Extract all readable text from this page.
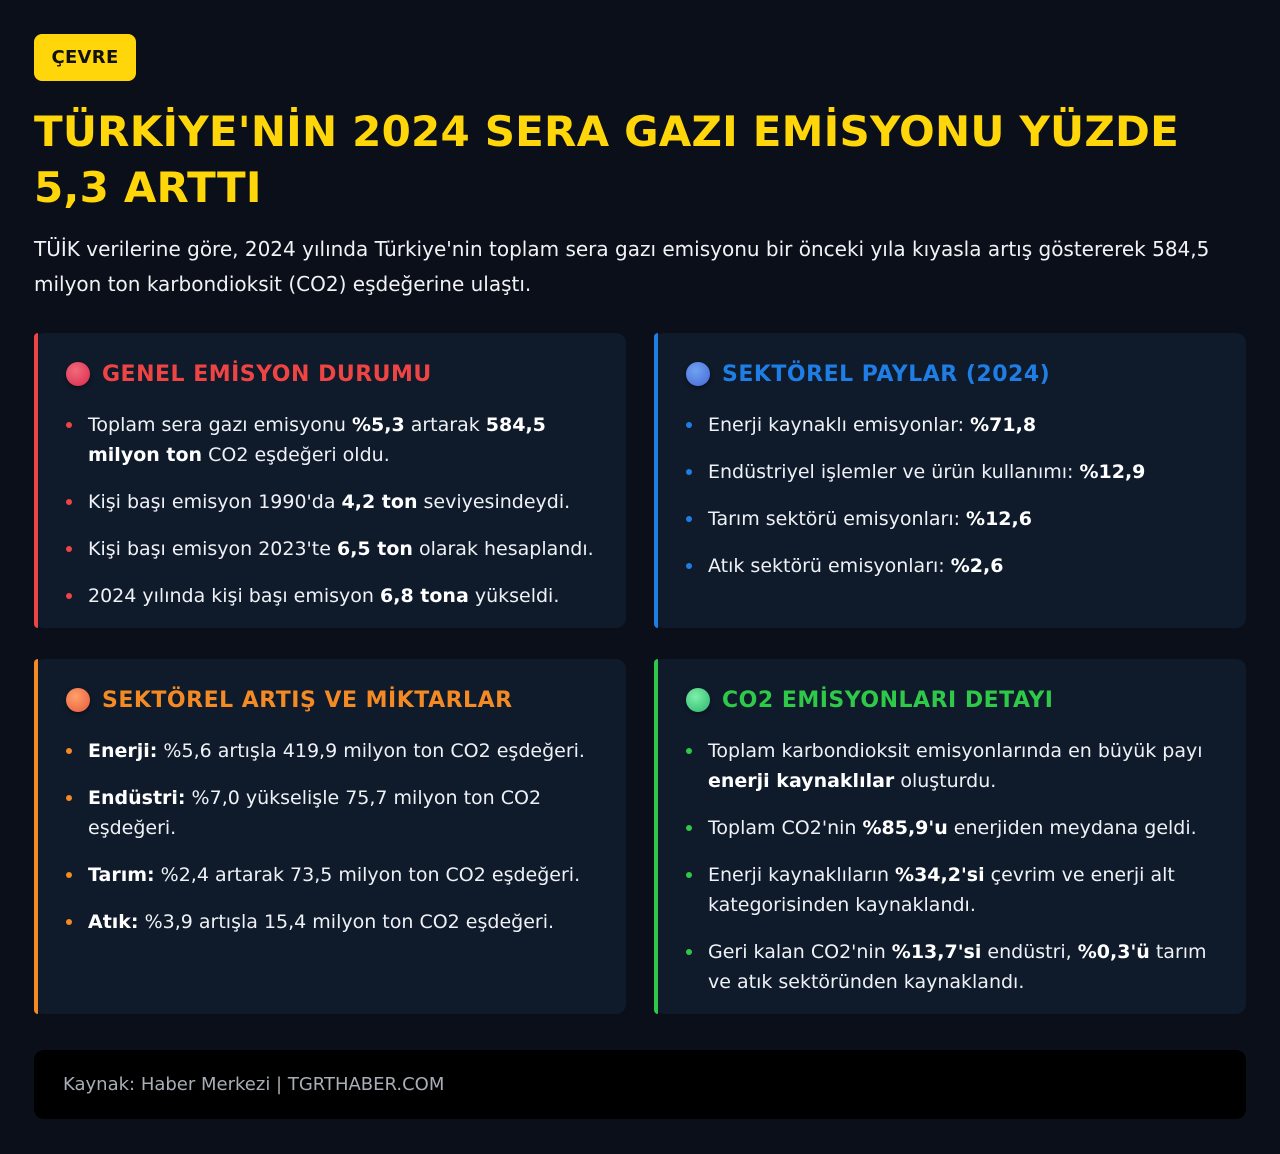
ÇEVRE
TÜRKİYE'NİN 2024 SERA GAZI EMİSYONU YÜZDE 5,3 ARTTI

TÜİK verilerine göre, 2024 yılında Türkiye'nin toplam sera gazı emisyonu bir önceki yıla kıyasla artış göstererek 584,5 milyon ton karbondioksit (CO2) eşdeğerine ulaştı.

GENEL EMİSYON DURUMU
Toplam sera gazı emisyonu %5,3 artarak 584,5 milyon ton CO2 eşdeğeri oldu.
Kişi başı emisyon 1990'da 4,2 ton seviyesindeydi.
Kişi başı emisyon 2023'te 6,5 ton olarak hesaplandı.
2024 yılında kişi başı emisyon 6,8 tona yükseldi.
SEKTÖREL PAYLAR (2024)
Enerji kaynaklı emisyonlar: %71,8
Endüstriyel işlemler ve ürün kullanımı: %12,9
Tarım sektörü emisyonları: %12,6
Atık sektörü emisyonları: %2,6
SEKTÖREL ARTIŞ VE MİKTARLAR
Enerji: %5,6 artışla 419,9 milyon ton CO2 eşdeğeri.
Endüstri: %7,0 yükselişle 75,7 milyon ton CO2 eşdeğeri.
Tarım: %2,4 artarak 73,5 milyon ton CO2 eşdeğeri.
Atık: %3,9 artışla 15,4 milyon ton CO2 eşdeğeri.
CO2 EMİSYONLARI DETAYI
Toplam karbondioksit emisyonlarında en büyük payı enerji kaynaklılar oluşturdu.
Toplam CO2'nin %85,9'u enerjiden meydana geldi.
Enerji kaynaklıların %34,2'si çevrim ve enerji alt kategorisinden kaynaklandı.
Geri kalan CO2'nin %13,7'si endüstri, %0,3'ü tarım ve atık sektöründen kaynaklandı.
Kaynak: Haber Merkezi | TGRTHABER.COM
